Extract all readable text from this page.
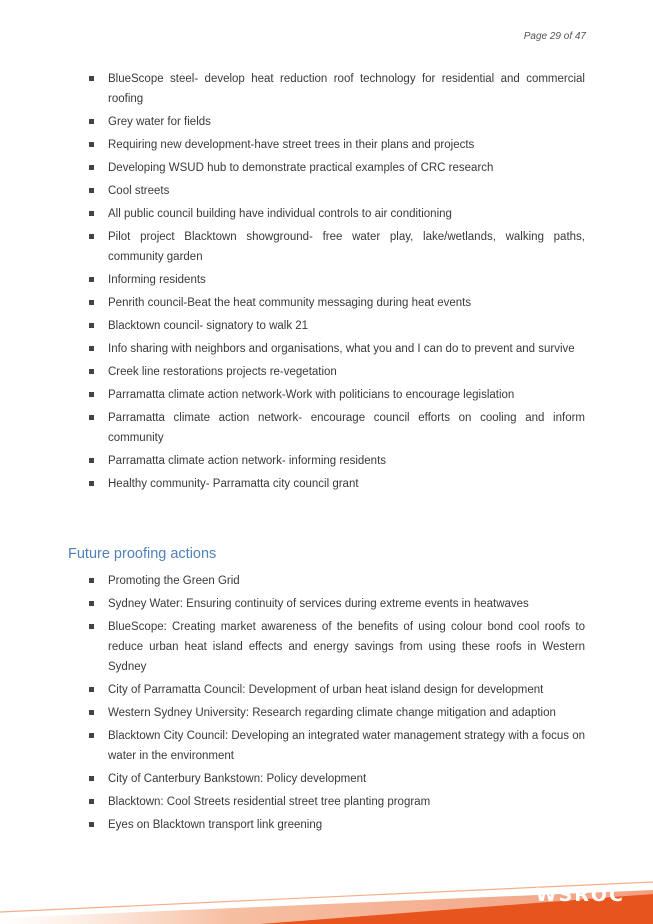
Page 29 of 47
BlueScope steel- develop heat reduction roof technology for residential and commercial roofing
Grey water for fields
Requiring new development-have street trees in their plans and projects
Developing WSUD hub to demonstrate practical examples of CRC research
Cool streets
All public council building have individual controls to air conditioning
Pilot project Blacktown showground- free water play, lake/wetlands, walking paths, community garden
Informing residents
Penrith council-Beat the heat community messaging during heat events
Blacktown council- signatory to walk 21
Info sharing with neighbors and organisations, what you and I can do to prevent and survive
Creek line restorations projects re-vegetation
Parramatta climate action network-Work with politicians to encourage legislation
Parramatta climate action network- encourage council efforts on cooling and inform community
Parramatta climate action network- informing residents
Healthy community- Parramatta city council grant
Future proofing actions
Promoting the Green Grid
Sydney Water: Ensuring continuity of services during extreme events in heatwaves
BlueScope: Creating market awareness of the benefits of using colour bond cool roofs to reduce urban heat island effects and energy savings from using these roofs in Western Sydney
City of Parramatta Council: Development of urban heat island design for development
Western Sydney University: Research regarding climate change mitigation and adaption
Blacktown City Council: Developing an integrated water management strategy with a focus on water in the environment
City of Canterbury Bankstown: Policy development
Blacktown: Cool Streets residential street tree planting program
Eyes on Blacktown transport link greening
WSROC
